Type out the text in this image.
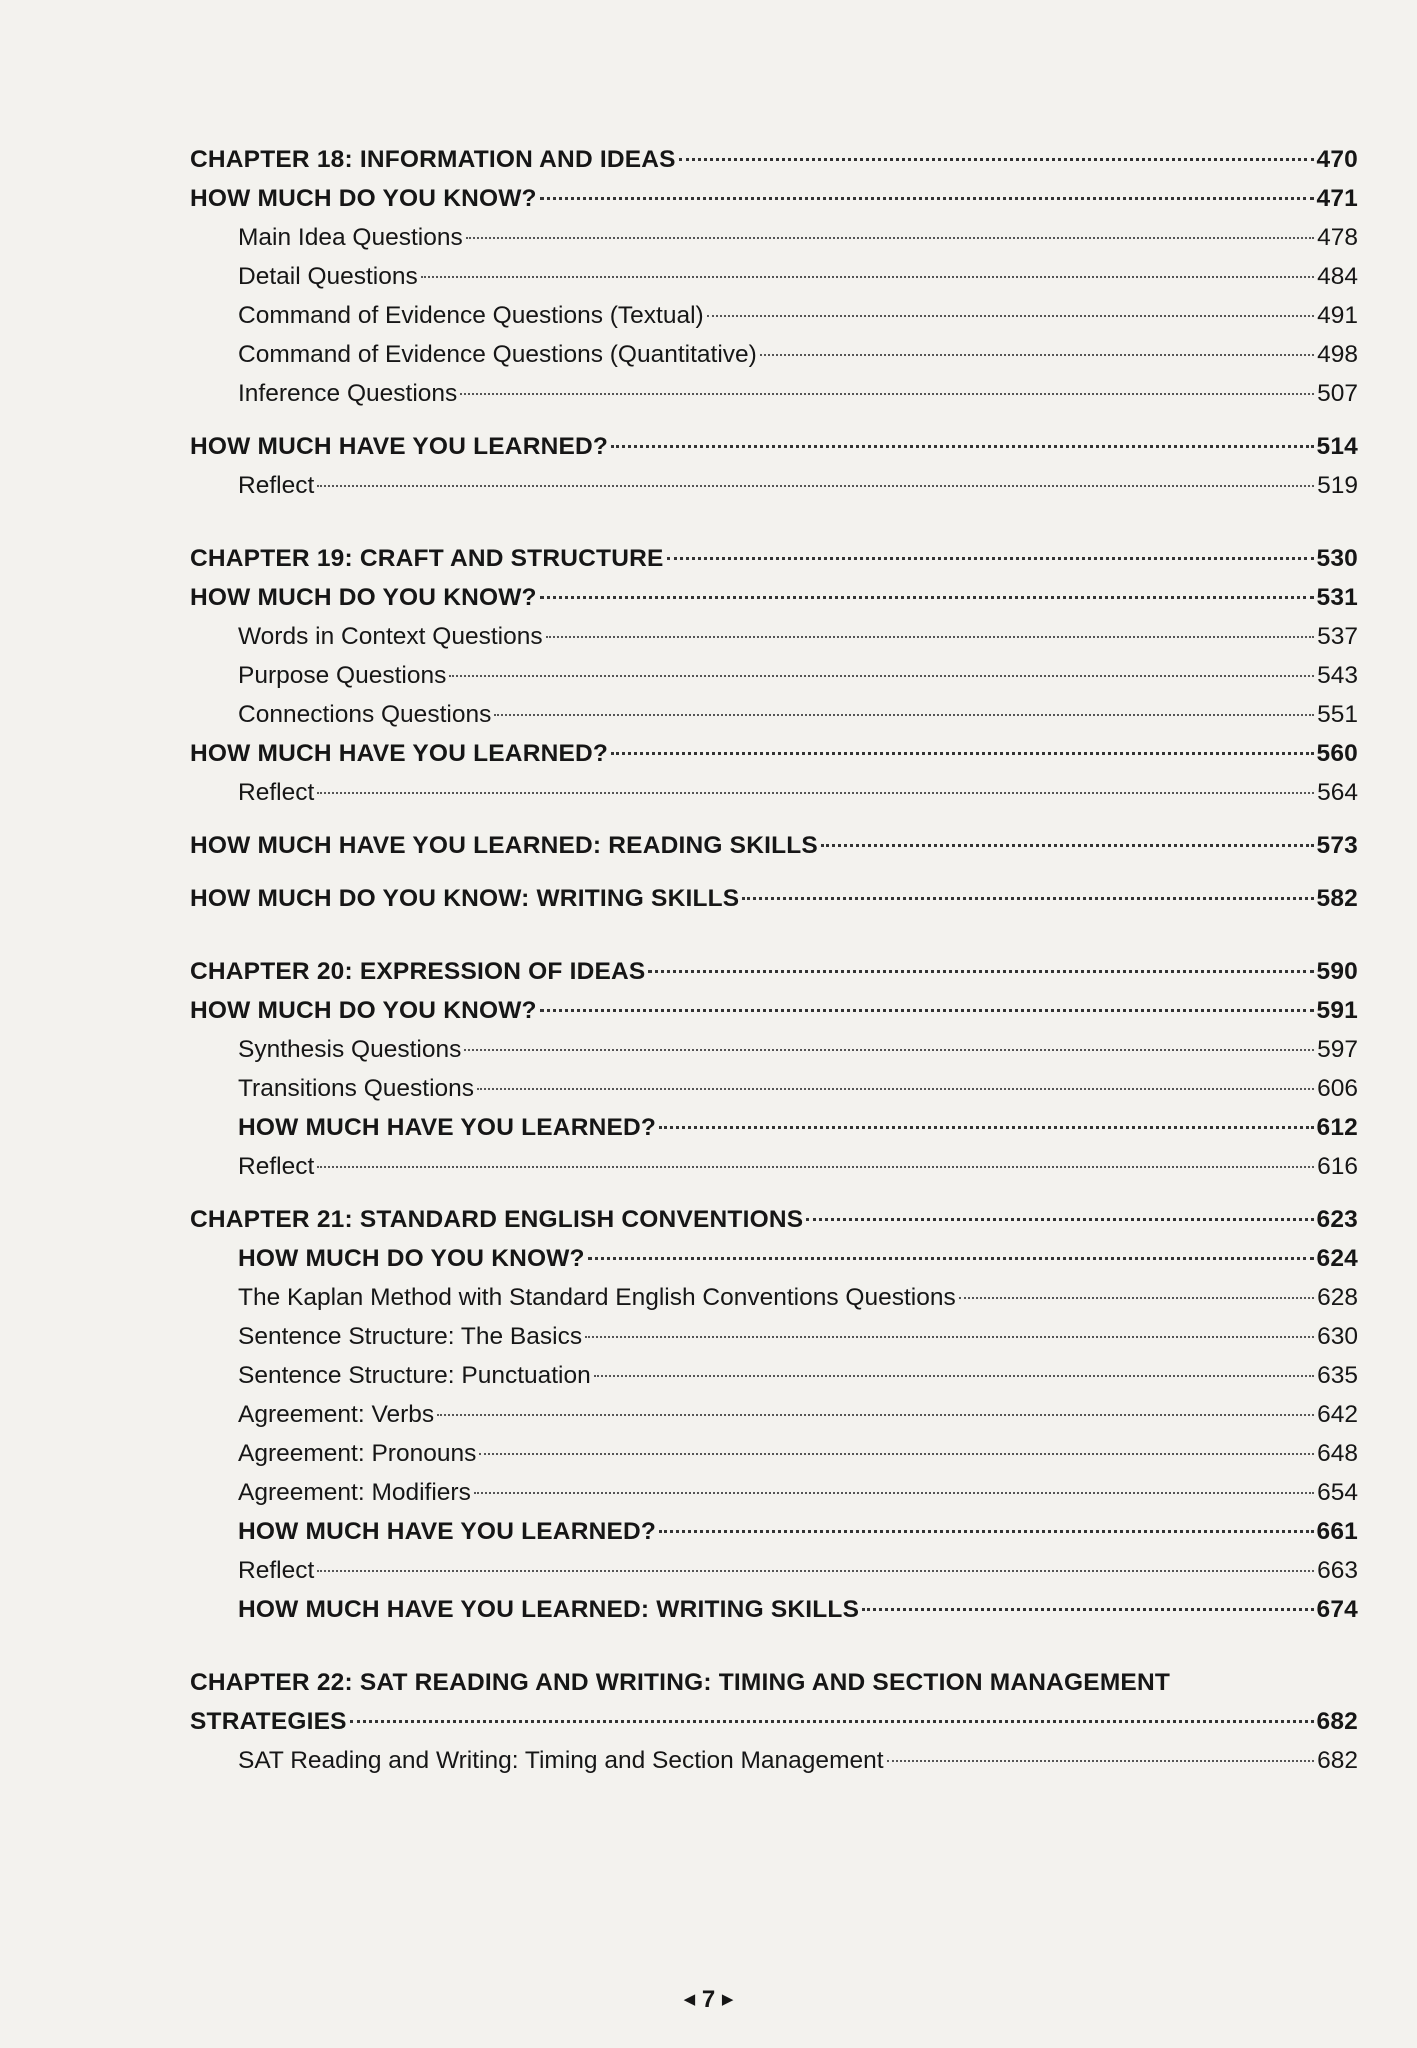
CHAPTER 18: INFORMATION AND IDEAS	470
HOW MUCH DO YOU KNOW?	471
Main Idea Questions	478
Detail Questions	484
Command of Evidence Questions (Textual)	491
Command of Evidence Questions (Quantitative)	498
Inference Questions	507
HOW MUCH HAVE YOU LEARNED?	514
Reflect	519
CHAPTER 19: CRAFT AND STRUCTURE	530
HOW MUCH DO YOU KNOW?	531
Words in Context Questions	537
Purpose Questions	543
Connections Questions	551
HOW MUCH HAVE YOU LEARNED?	560
Reflect	564
HOW MUCH HAVE YOU LEARNED: READING SKILLS	573
HOW MUCH DO YOU KNOW: WRITING SKILLS	582
CHAPTER 20: EXPRESSION OF IDEAS	590
HOW MUCH DO YOU KNOW?	591
Synthesis Questions	597
Transitions Questions	606
HOW MUCH HAVE YOU LEARNED?	612
Reflect	616
CHAPTER 21: STANDARD ENGLISH CONVENTIONS	623
HOW MUCH DO YOU KNOW?	624
The Kaplan Method with Standard English Conventions Questions	628
Sentence Structure: The Basics	630
Sentence Structure: Punctuation	635
Agreement: Verbs	642
Agreement: Pronouns	648
Agreement: Modifiers	654
HOW MUCH HAVE YOU LEARNED?	661
Reflect	663
HOW MUCH HAVE YOU LEARNED: WRITING SKILLS	674
CHAPTER 22: SAT READING AND WRITING: TIMING AND SECTION MANAGEMENT
STRATEGIES	682
SAT Reading and Writing: Timing and Section Management	682
◀ 7 ▶
